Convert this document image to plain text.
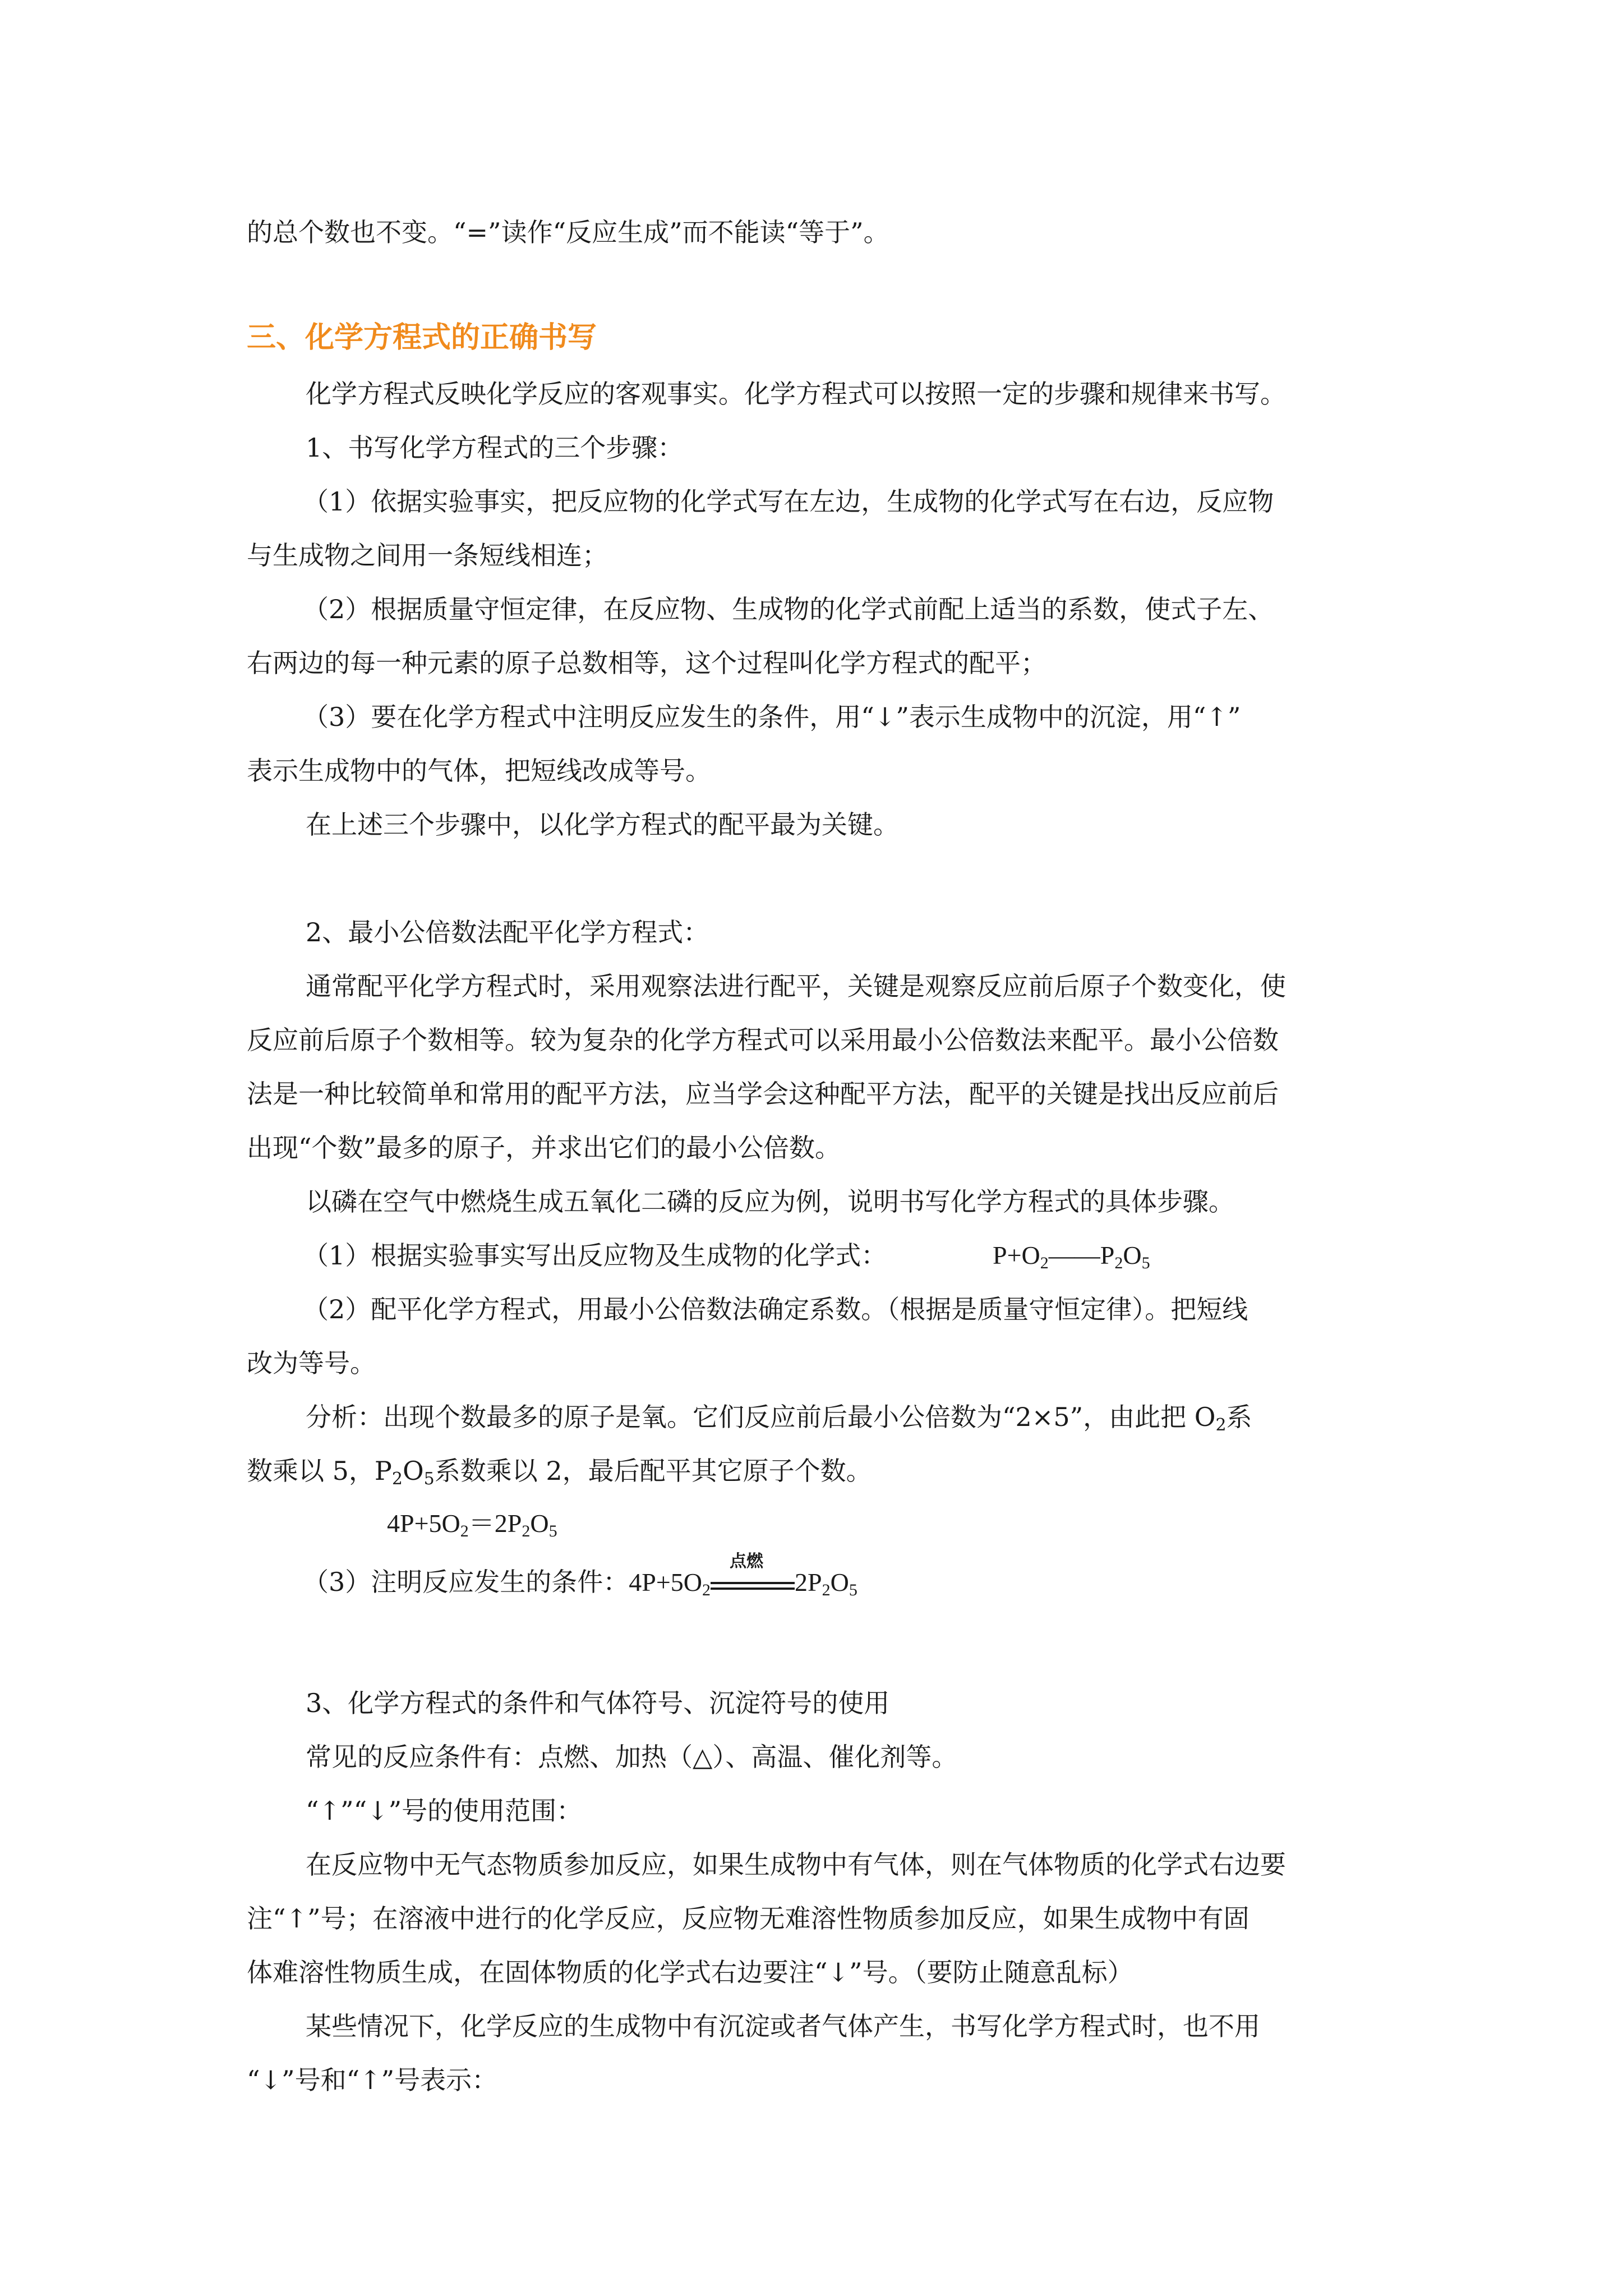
的总个数也不变。“=”读作“反应生成”而不能读“等于”。
三、化学方程式的正确书写
化学方程式反映化学反应的客观事实。化学方程式可以按照一定的步骤和规律来书写。
1、书写化学方程式的三个步骤：
（1）依据实验事实，把反应物的化学式写在左边，生成物的化学式写在右边，反应物
与生成物之间用一条短线相连；
（2）根据质量守恒定律，在反应物、生成物的化学式前配上适当的系数，使式子左、
右两边的每一种元素的原子总数相等，这个过程叫化学方程式的配平；
（3）要在化学方程式中注明反应发生的条件，用“↓”表示生成物中的沉淀，用“↑”
表示生成物中的气体，把短线改成等号。
在上述三个步骤中，以化学方程式的配平最为关键。
2、最小公倍数法配平化学方程式：
通常配平化学方程式时，采用观察法进行配平，关键是观察反应前后原子个数变化，使
反应前后原子个数相等。较为复杂的化学方程式可以采用最小公倍数法来配平。最小公倍数
法是一种比较简单和常用的配平方法，应当学会这种配平方法，配平的关键是找出反应前后
出现“个数”最多的原子，并求出它们的最小公倍数。
以磷在空气中燃烧生成五氧化二磷的反应为例，说明书写化学方程式的具体步骤。
（1）根据实验事实写出反应物及生成物的化学式：	$P+O_2——P_2O_5$
（2）配平化学方程式，用最小公倍数法确定系数。（根据是质量守恒定律）。把短线
改为等号。
分析：出现个数最多的原子是氧。它们反应前后最小公倍数为“2×5”，由此把 $O_2$系
数乘以 5，$P_2O_5$系数乘以 2，最后配平其它原子个数。
$4P+5O_2=2P_2O_5$
（3）注明反应发生的条件：$4P+5O_2$
点燃
$2P_2O_5$
3、化学方程式的条件和气体符号、沉淀符号的使用
常见的反应条件有：点燃、加热（△）、高温、催化剂等。
“↑”“↓”号的使用范围：
在反应物中无气态物质参加反应，如果生成物中有气体，则在气体物质的化学式右边要
注“↑”号；在溶液中进行的化学反应，反应物无难溶性物质参加反应，如果生成物中有固
体难溶性物质生成，在固体物质的化学式右边要注“↓”号。（要防止随意乱标）
某些情况下，化学反应的生成物中有沉淀或者气体产生，书写化学方程式时，也不用
“↓”号和“↑”号表示：
